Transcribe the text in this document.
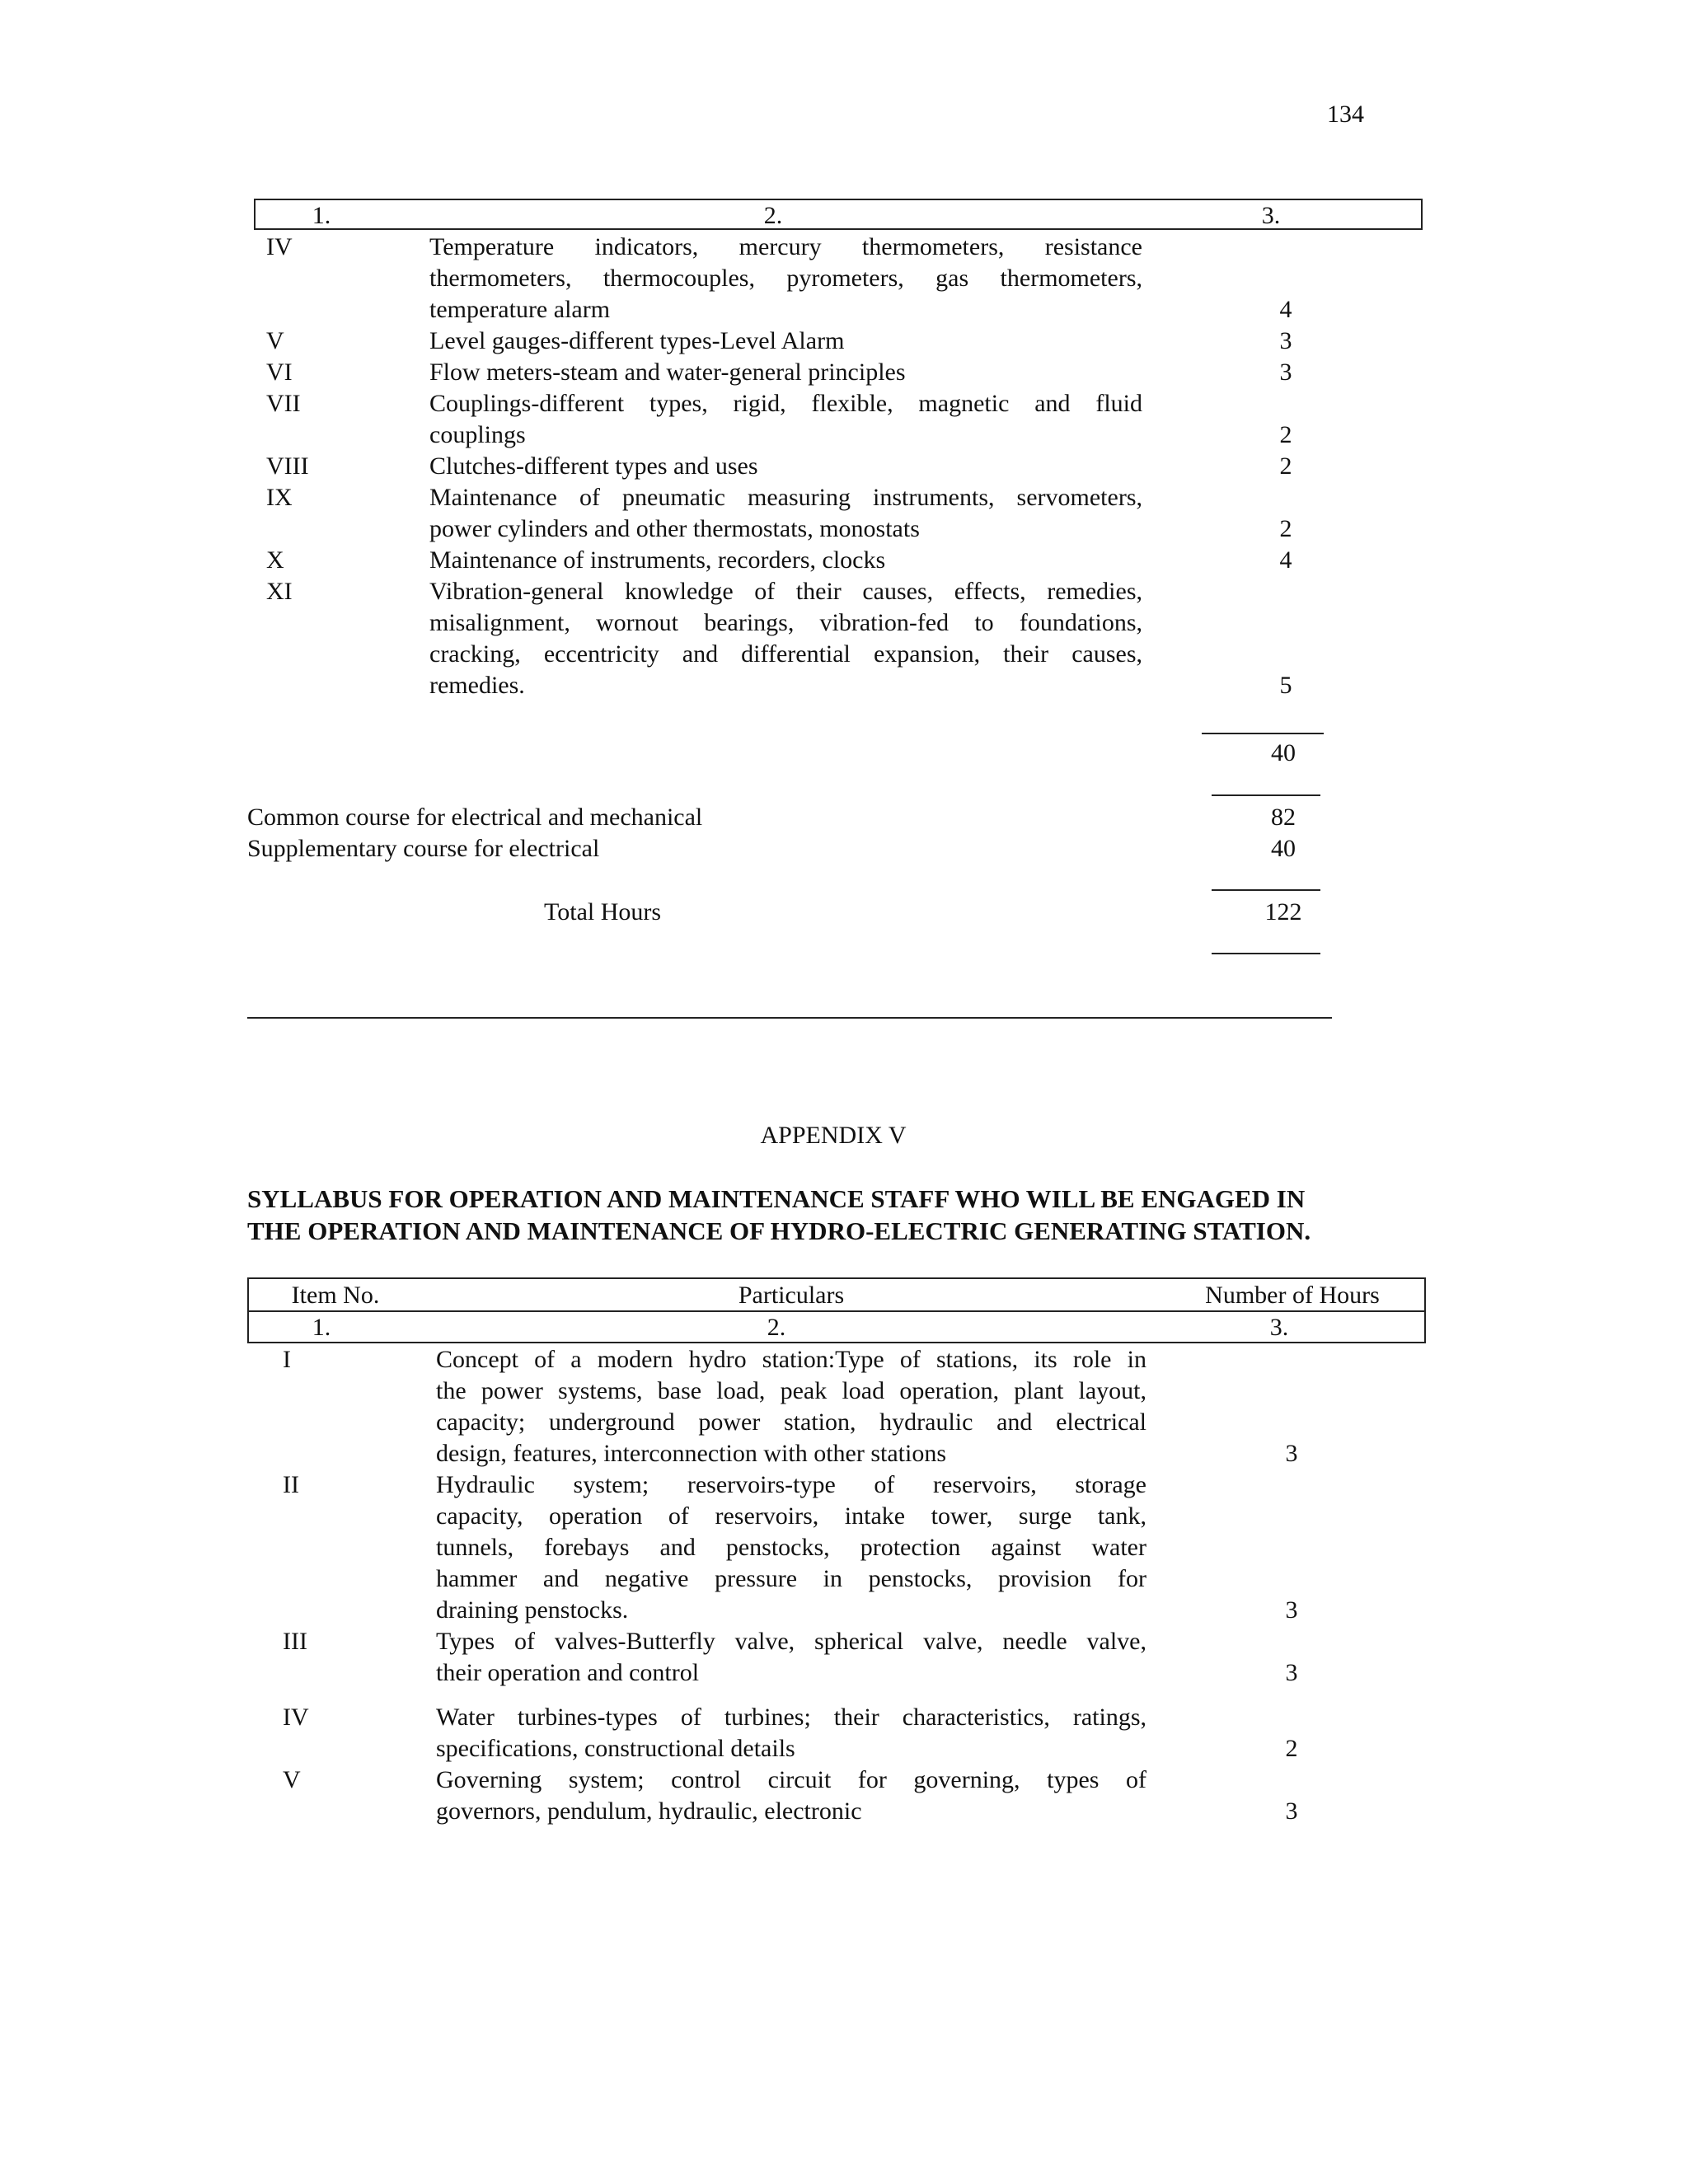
134
1.	2.	3.
IV	Temperature indicators, mercury thermometers, resistance
thermometers, thermocouples, pyrometers, gas thermometers,
temperature alarm	4
V	Level gauges-different types-Level Alarm	3
VI	Flow meters-steam and water-general principles	3
VII	Couplings-different types, rigid, flexible, magnetic and fluid
couplings	2
VIII	Clutches-different types and uses	2
IX	Maintenance of pneumatic measuring instruments, servometers,
power cylinders and other thermostats, monostats	2
X	Maintenance of instruments, recorders, clocks	4
XI	Vibration-general knowledge of their causes, effects, remedies,
misalignment, wornout bearings, vibration-fed to foundations,
cracking, eccentricity and differential expansion, their causes,
remedies.	5
40
Common course for electrical and mechanical	82
Supplementary course for electrical	40
Total Hours	122
APPENDIX V
SYLLABUS FOR OPERATION AND MAINTENANCE STAFF WHO WILL BE ENGAGED IN
THE OPERATION AND MAINTENANCE OF HYDRO-ELECTRIC GENERATING STATION.
Item No.	Particulars	Number of Hours
1.	2.	3.
I	Concept of a modern hydro station:Type of stations, its role in
the power systems, base load, peak load operation, plant layout,
capacity; underground power station, hydraulic and electrical
design, features, interconnection with other stations	3
II	Hydraulic system; reservoirs-type of reservoirs, storage
capacity, operation of reservoirs, intake tower, surge tank,
tunnels, forebays and penstocks, protection against water
hammer and negative pressure in penstocks, provision for
draining penstocks.	3
III	Types of valves-Butterfly valve, spherical valve, needle valve,
their operation and control	3
IV	Water turbines-types of turbines; their characteristics, ratings,
specifications, constructional details	2
V	Governing system; control circuit for governing, types of
governors, pendulum, hydraulic, electronic	3
